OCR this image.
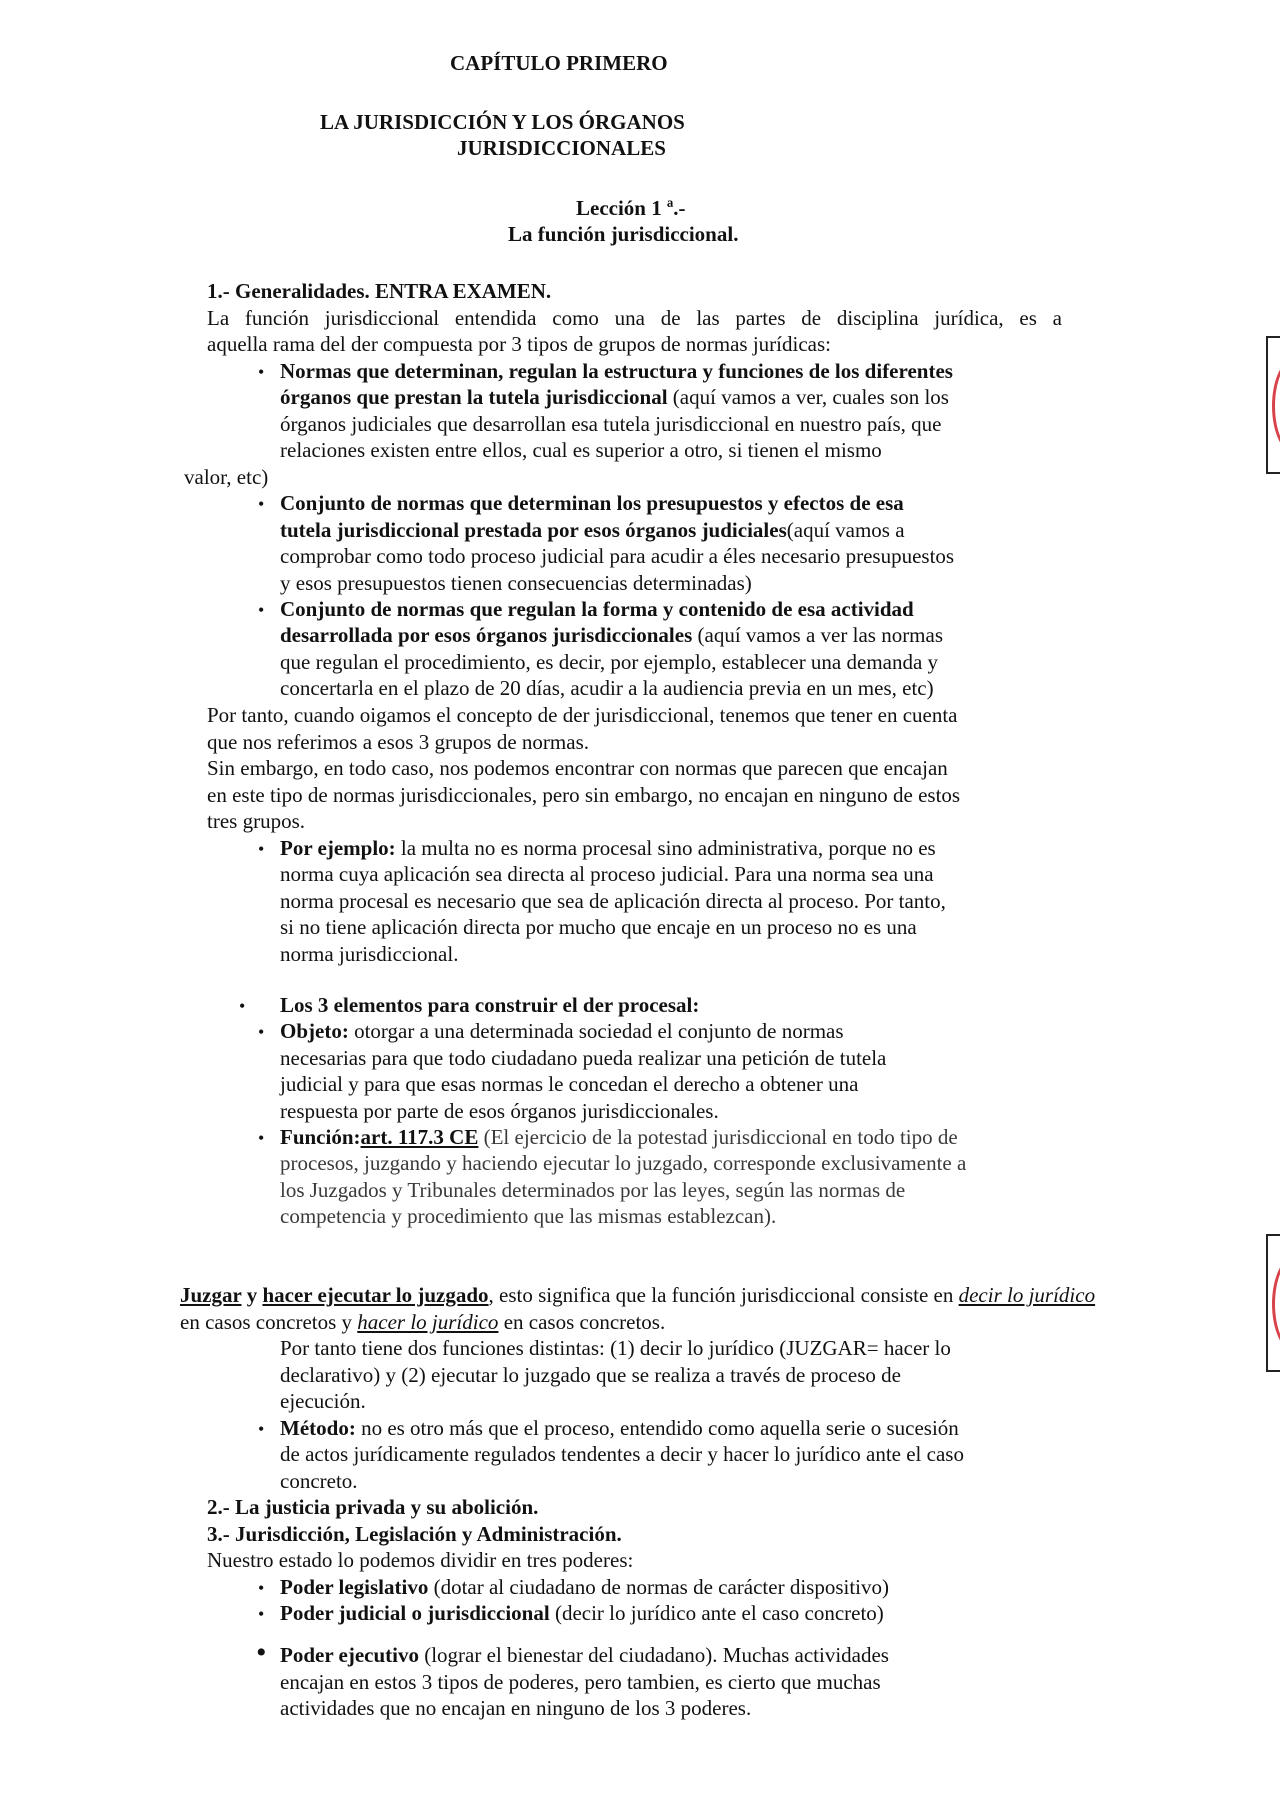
CAPÍTULO PRIMERO
LA JURISDICCIÓN Y LOS ÓRGANOS
JURISDICCIONALES
Lección 1 ª.-
La función jurisdiccional.
1.- Generalidades. ENTRA EXAMEN.
La función jurisdiccional entendida como una de las partes de disciplina jurídica, es a
aquella rama del der compuesta por 3 tipos de grupos de normas jurídicas:
• Normas que determinan, regulan la estructura y funciones de los diferentes
órganos que prestan la tutela jurisdiccional (aquí vamos a ver, cuales son los
órganos judiciales que desarrollan esa tutela jurisdiccional en nuestro país, que
relaciones existen entre ellos, cual es superior a otro, si tienen el mismo
valor, etc)
• Conjunto de normas que determinan los presupuestos y efectos de esa
tutela jurisdiccional prestada por esos órganos judiciales(aquí vamos a
comprobar como todo proceso judicial para acudir a éles necesario presupuestos
y esos presupuestos tienen consecuencias determinadas)
• Conjunto de normas que regulan la forma y contenido de esa actividad
desarrollada por esos órganos jurisdiccionales (aquí vamos a ver las normas
que regulan el procedimiento, es decir, por ejemplo, establecer una demanda y
concertarla en el plazo de 20 días, acudir a la audiencia previa en un mes, etc)
Por tanto, cuando oigamos el concepto de der jurisdiccional, tenemos que tener en cuenta
que nos referimos a esos 3 grupos de normas.
Sin embargo, en todo caso, nos podemos encontrar con normas que parecen que encajan
en este tipo de normas jurisdiccionales, pero sin embargo, no encajan en ninguno de estos
tres grupos.
• Por ejemplo: la multa no es norma procesal sino administrativa, porque no es
norma cuya aplicación sea directa al proceso judicial. Para una norma sea una
norma procesal es necesario que sea de aplicación directa al proceso. Por tanto,
si no tiene aplicación directa por mucho que encaje en un proceso no es una
norma jurisdiccional.
• Los 3 elementos para construir el der procesal:
• Objeto: otorgar a una determinada sociedad el conjunto de normas
necesarias para que todo ciudadano pueda realizar una petición de tutela
judicial y para que esas normas le concedan el derecho a obtener una
respuesta por parte de esos órganos jurisdiccionales.
• Función:art. 117.3 CE (El ejercicio de la potestad jurisdiccional en todo tipo de
procesos, juzgando y haciendo ejecutar lo juzgado, corresponde exclusivamente a
los Juzgados y Tribunales determinados por las leyes, según las normas de
competencia y procedimiento que las mismas establezcan).
Juzgar y hacer ejecutar lo juzgado, esto significa que la función jurisdiccional consiste en decir lo jurídico
en casos concretos y hacer lo jurídico en casos concretos.
Por tanto tiene dos funciones distintas: (1) decir lo jurídico (JUZGAR= hacer lo
declarativo) y (2) ejecutar lo juzgado que se realiza a través de proceso de
ejecución.
• Método: no es otro más que el proceso, entendido como aquella serie o sucesión
de actos jurídicamente regulados tendentes a decir y hacer lo jurídico ante el caso
concreto.
2.- La justicia privada y su abolición.
3.- Jurisdicción, Legislación y Administración.
Nuestro estado lo podemos dividir en tres poderes:
• Poder legislativo (dotar al ciudadano de normas de carácter dispositivo)
• Poder judicial o jurisdiccional (decir lo jurídico ante el caso concreto)
• Poder ejecutivo (lograr el bienestar del ciudadano). Muchas actividades
encajan en estos 3 tipos de poderes, pero tambien, es cierto que muchas
actividades que no encajan en ninguno de los 3 poderes.
